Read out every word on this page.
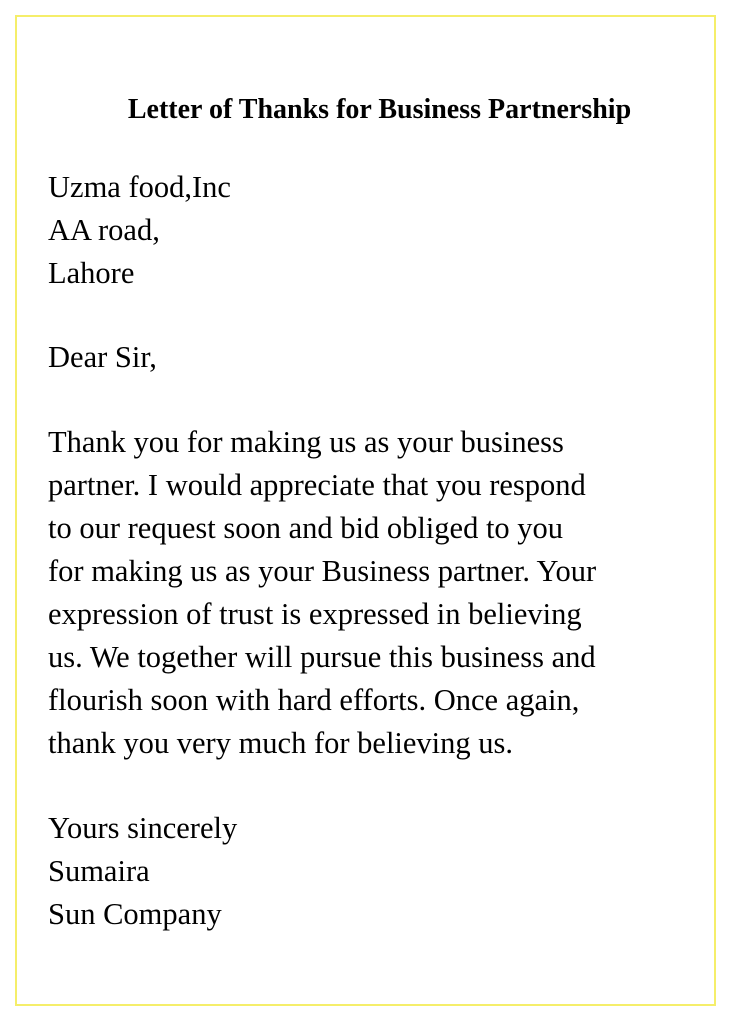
Letter of Thanks for Business Partnership
Uzma food,Inc
AA road,
Lahore
Dear Sir,
Thank you for making us as your business
partner. I would appreciate that you respond
to our request soon and bid obliged to you
for making us as your Business partner. Your
expression of trust is expressed in believing
us. We together will pursue this business and
flourish soon with hard efforts. Once again,
thank you very much for believing us.
Yours sincerely
Sumaira
Sun Company
